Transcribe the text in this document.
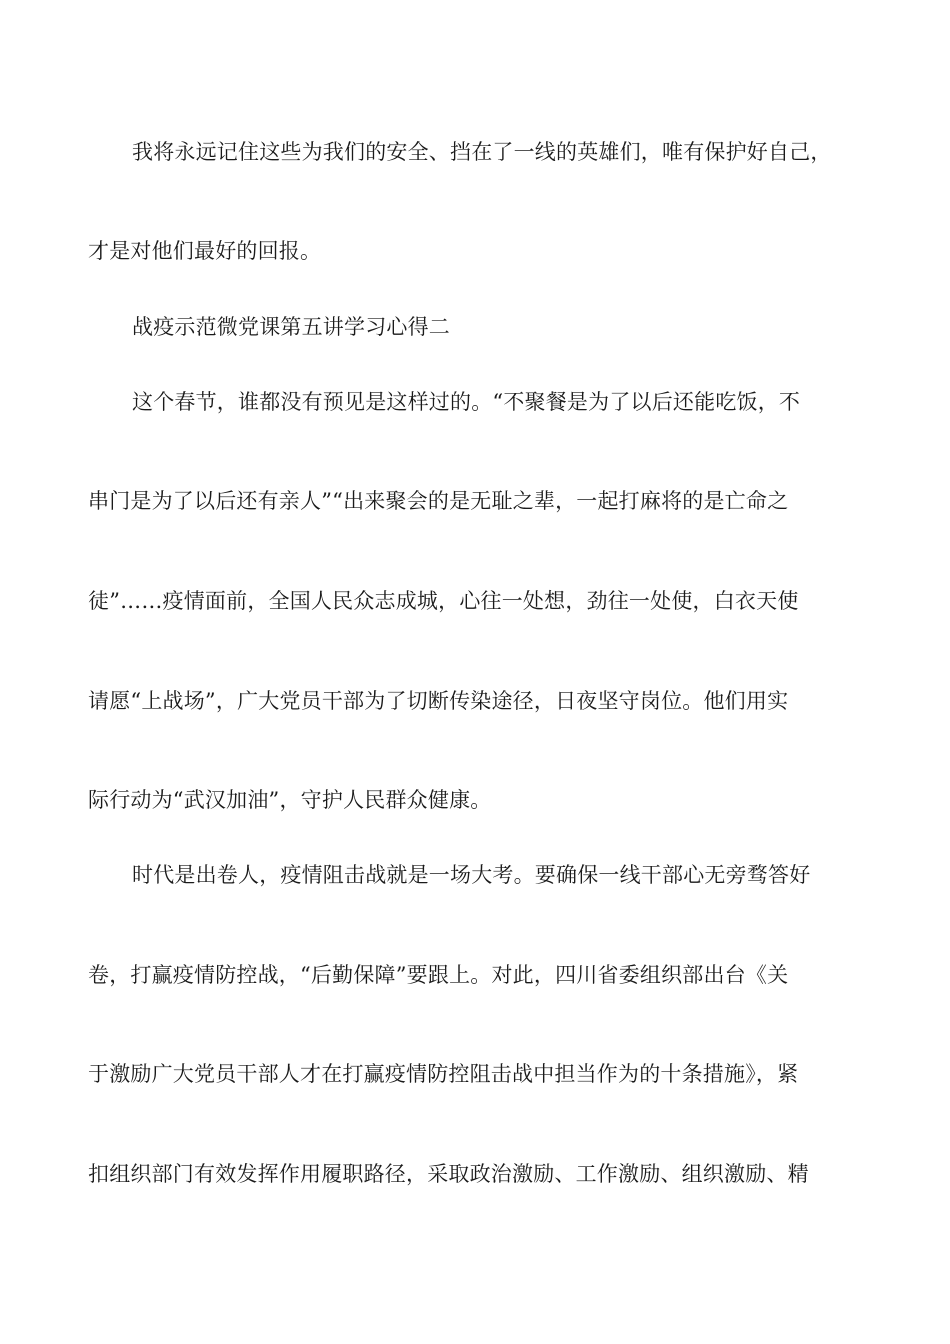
我将永远记住这些为我们的安全、挡在了一线的英雄们，唯有保护好自己，
才是对他们最好的回报。
战疫示范微党课第五讲学习心得二
这个春节，谁都没有预见是这样过的。“不聚餐是为了以后还能吃饭，不
串门是为了以后还有亲人”“出来聚会的是无耻之辈，一起打麻将的是亡命之
徒”……疫情面前，全国人民众志成城，心往一处想，劲往一处使，白衣天使
请愿“上战场”，广大党员干部为了切断传染途径，日夜坚守岗位。他们用实
际行动为“武汉加油”，守护人民群众健康。
时代是出卷人，疫情阻击战就是一场大考。要确保一线干部心无旁骛答好
卷，打赢疫情防控战，“后勤保障”要跟上。对此，四川省委组织部出台《关
于激励广大党员干部人才在打赢疫情防控阻击战中担当作为的十条措施》，紧
扣组织部门有效发挥作用履职路径，采取政治激励、工作激励、组织激励、精
